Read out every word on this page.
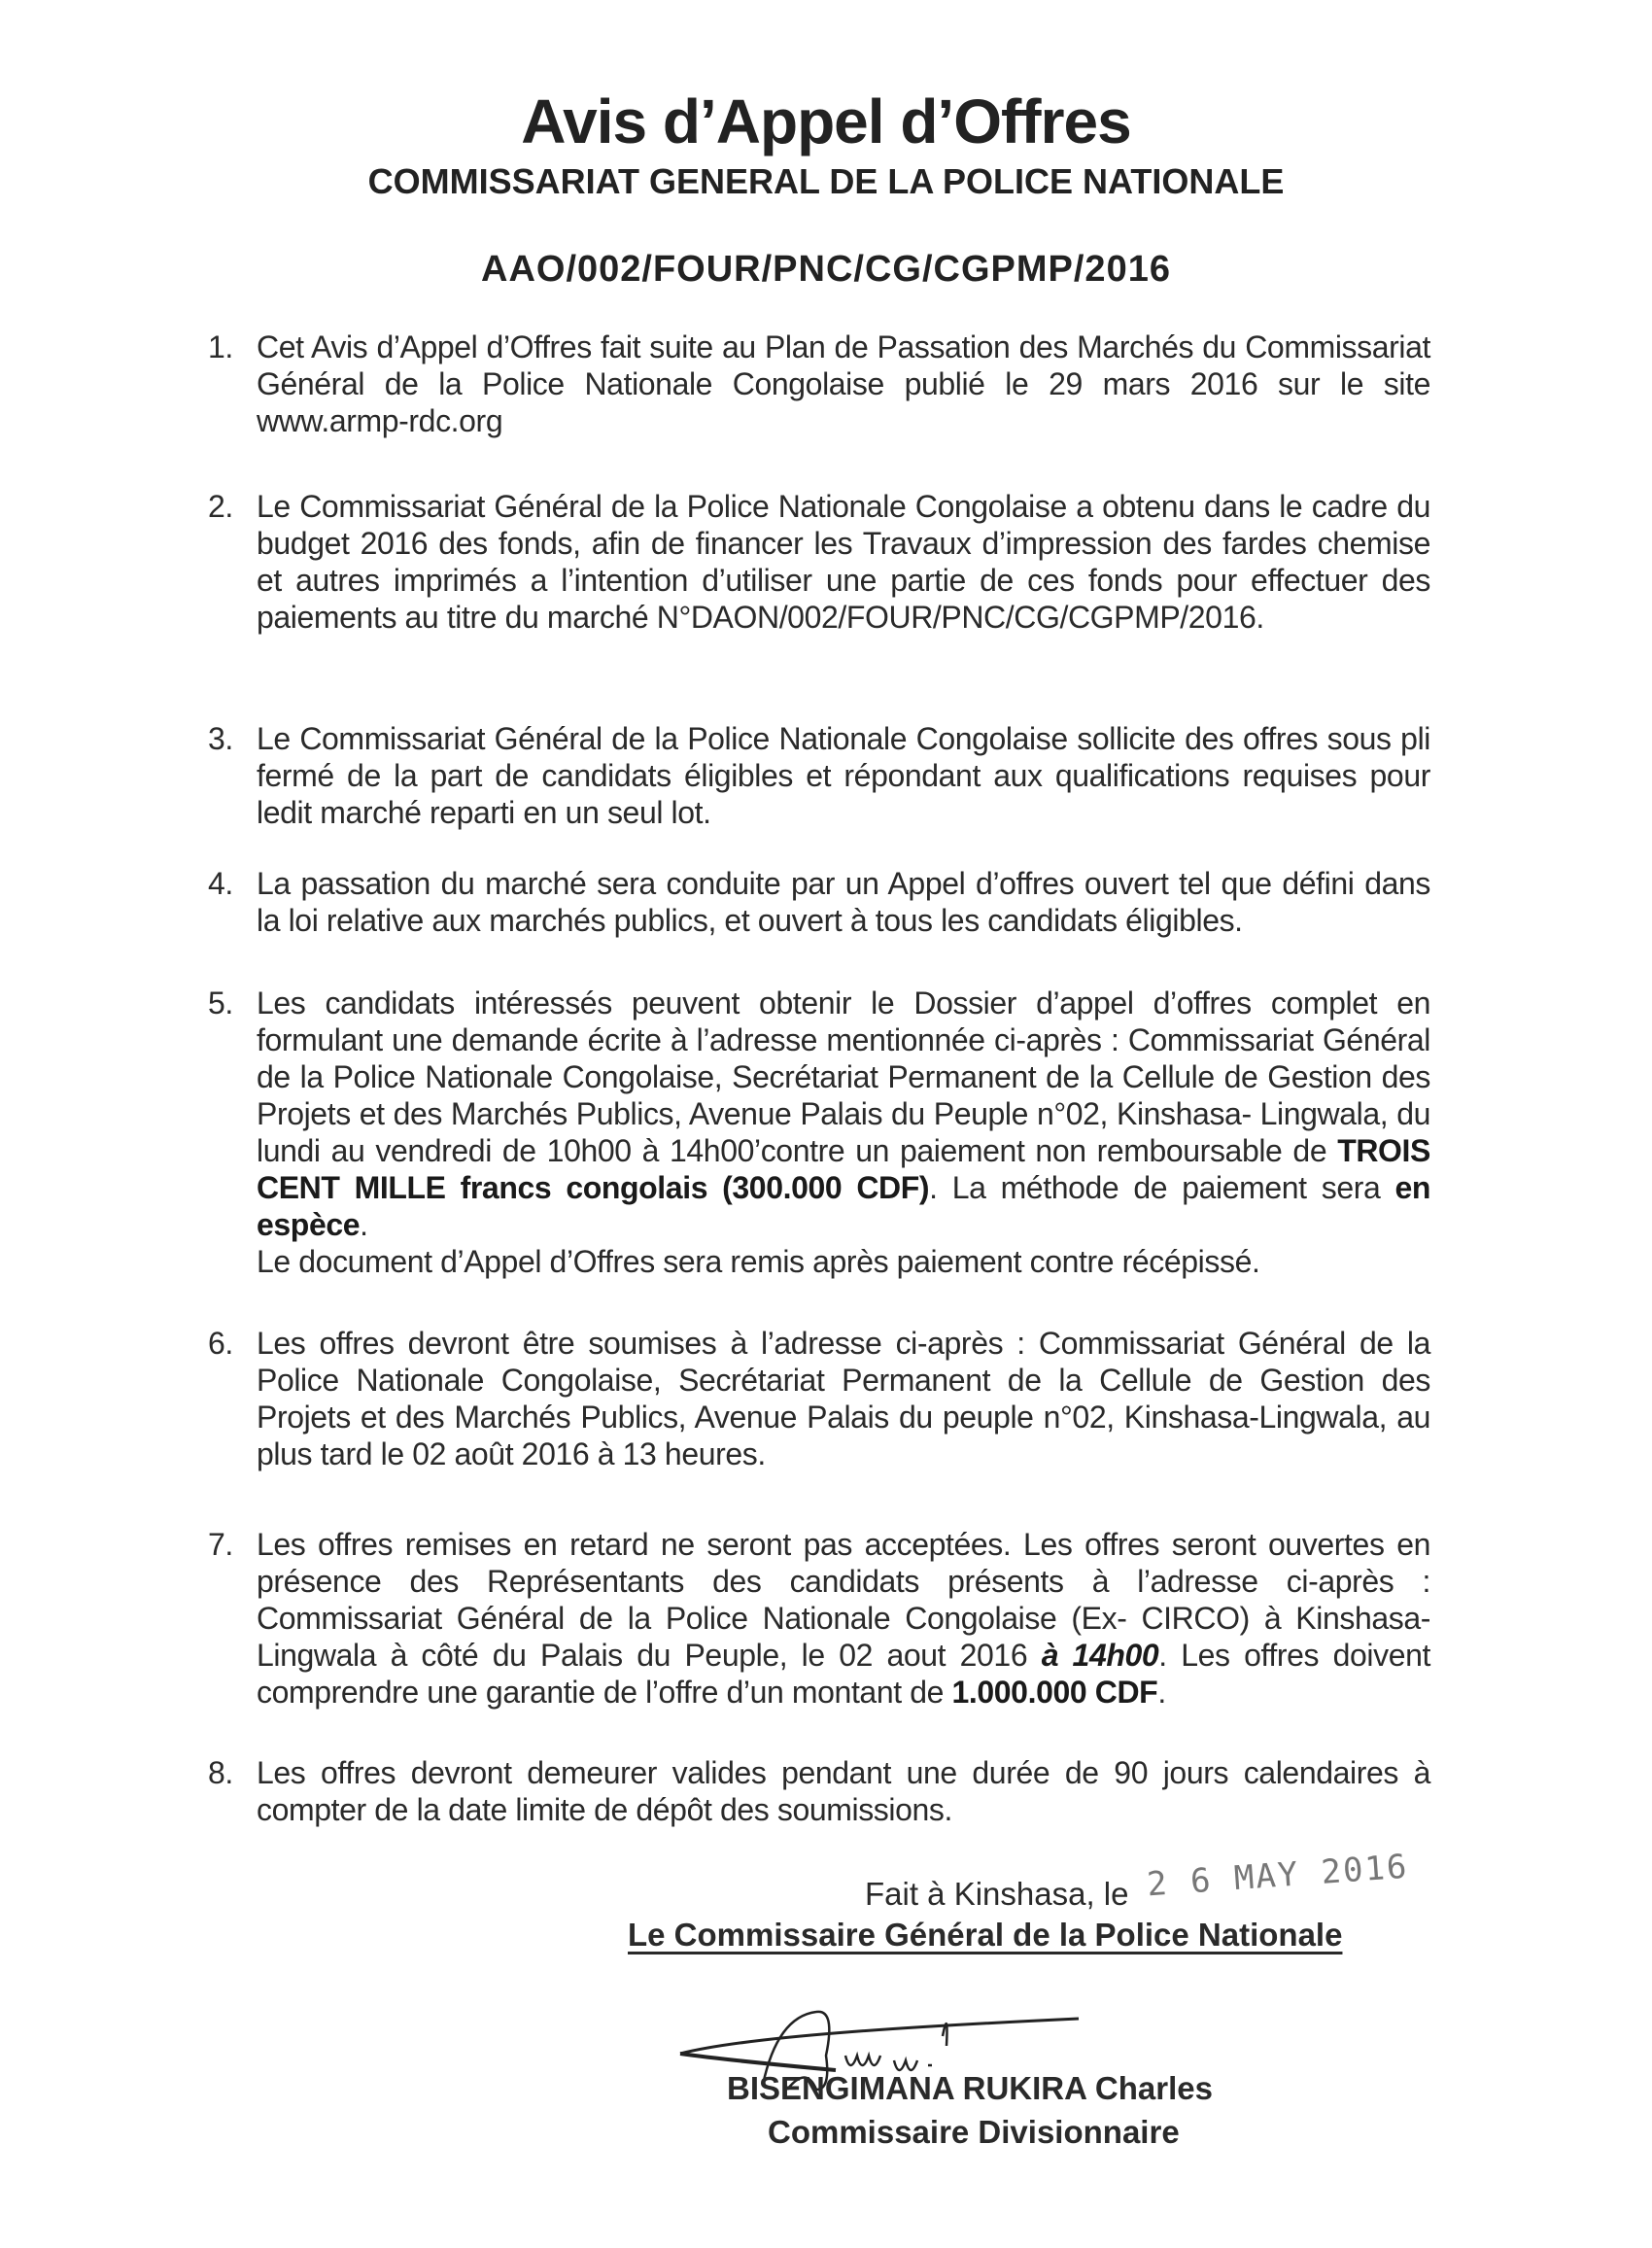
Avis d’Appel d’Offres
COMMISSARIAT GENERAL DE LA POLICE NATIONALE
AAO/002/FOUR/PNC/CG/CGPMP/2016
1. Cet Avis d’Appel d’Offres fait suite au Plan de Passation des Marchés du Commissariat Général de la Police Nationale Congolaise publié le 29 mars 2016 sur le site www.armp-rdc.org
2. Le Commissariat Général de la Police Nationale Congolaise a obtenu dans le cadre du budget 2016 des fonds, afin de financer les Travaux d’impression des fardes chemise et autres imprimés a l’intention d’utiliser une partie de ces fonds pour effectuer des paiements au titre du marché N°DAON/002/FOUR/PNC/CG/CGPMP/2016.
3. Le Commissariat Général de la Police Nationale Congolaise sollicite des offres sous pli fermé de la part de candidats éligibles et répondant aux qualifications requises pour ledit marché reparti en un seul lot.
4. La passation du marché sera conduite par un Appel d’offres ouvert tel que défini dans la loi relative aux marchés publics, et ouvert à tous les candidats éligibles.
5. Les candidats intéressés peuvent obtenir le Dossier d’appel d’offres complet en formulant une demande écrite à l’adresse mentionnée ci-après : Commissariat Général de la Police Nationale Congolaise, Secrétariat Permanent de la Cellule de Gestion des Projets et des Marchés Publics, Avenue Palais du Peuple n°02, Kinshasa- Lingwala, du lundi au vendredi de 10h00 à 14h00’contre un paiement non remboursable de TROIS CENT MILLE francs congolais (300.000 CDF). La méthode de paiement sera en espèce.
Le document d’Appel d’Offres sera remis après paiement contre récépissé.
6. Les offres devront être soumises à l’adresse ci-après : Commissariat Général de la Police Nationale Congolaise, Secrétariat Permanent de la Cellule de Gestion des Projets et des Marchés Publics, Avenue Palais du peuple n°02, Kinshasa-Lingwala, au plus tard le 02 août 2016 à 13 heures.
7. Les offres remises en retard ne seront pas acceptées. Les offres seront ouvertes en présence des Représentants des candidats présents à l’adresse ci-après : Commissariat Général de la Police Nationale Congolaise (Ex- CIRCO) à Kinshasa-Lingwala à côté du Palais du Peuple, le 02 aout 2016 à 14h00. Les offres doivent comprendre une garantie de l’offre d’un montant de 1.000.000 CDF.
8. Les offres devront demeurer valides pendant une durée de 90 jours calendaires à compter de la date limite de dépôt des soumissions.
Fait à Kinshasa, le 2 6 MAY 2016
Le Commissaire Général de la Police Nationale
BISENGIMANA RUKIRA Charles
Commissaire Divisionnaire
